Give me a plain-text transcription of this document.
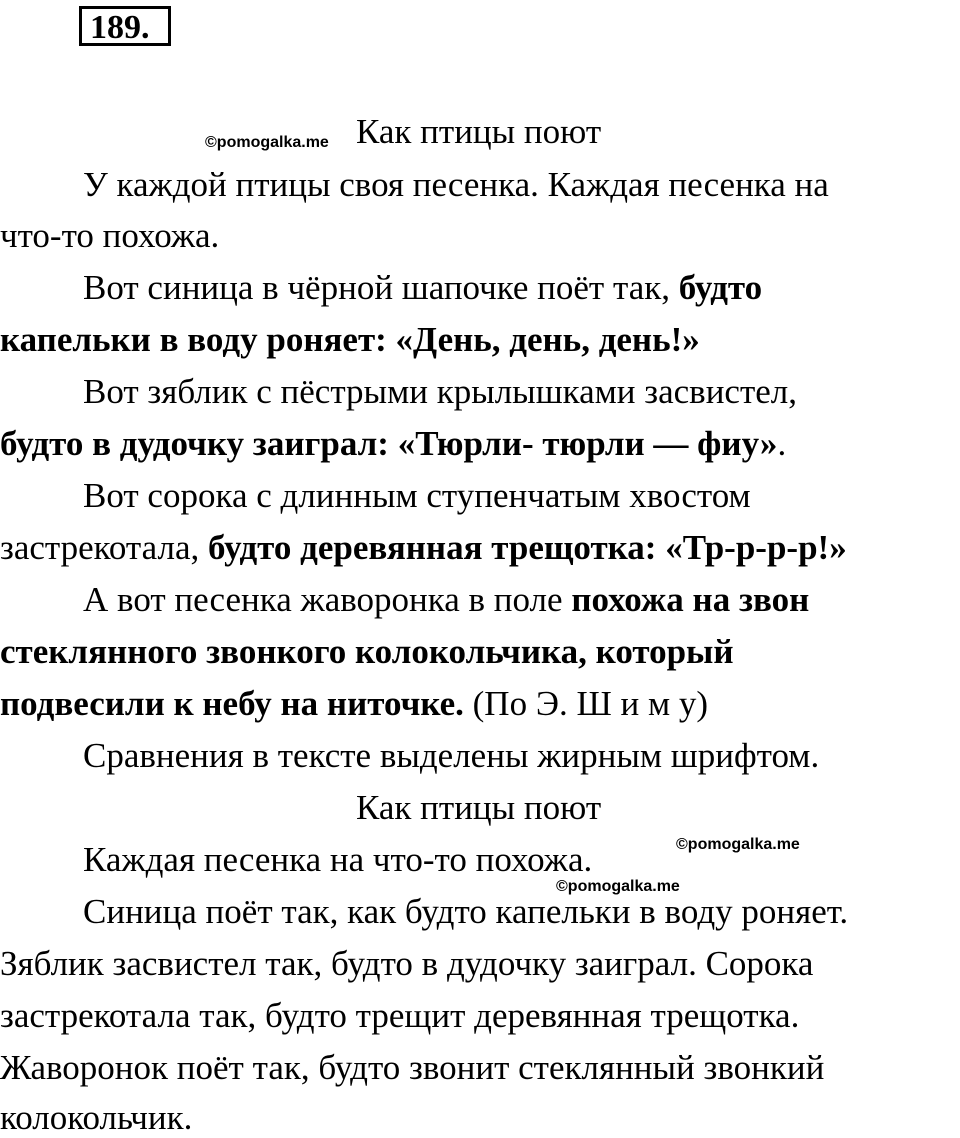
189.
©pomogalka.me Как птицы поют
У каждой птицы своя песенка. Каждая песенка на
что-то похожа.
Вот синица в чёрной шапочке поёт так, будто
капельки в воду роняет: «День, день, день!»
Вот зяблик с пёстрыми крылышками засвистел,
будто в дудочку заиграл: «Тюрли- тюрли — фиу».
Вот сорока с длинным ступенчатым хвостом
застрекотала, будто деревянная трещотка: «Тр-р-р-р!»
А вот песенка жаворонка в поле похожа на звон
стеклянного звонкого колокольчика, который
подвесили к небу на ниточке. (По Э. Ш и м у)
Сравнения в тексте выделены жирным шрифтом.
Как птицы поют
©pomogalka.me
Каждая песенка на что-то похожа.
©pomogalka.me
Синица поёт так, как будто капельки в воду роняет.
Зяблик засвистел так, будто в дудочку заиграл. Сорока
застрекотала так, будто трещит деревянная трещотка.
Жаворонок поёт так, будто звонит стеклянный звонкий
колокольчик.
